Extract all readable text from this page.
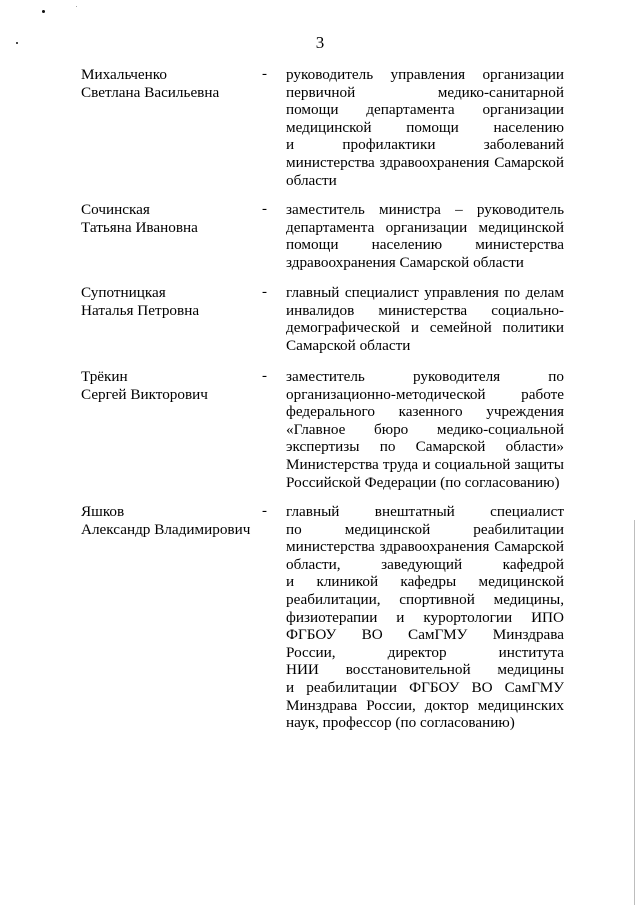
3
Михальченко
Светлана Васильевна
- руководитель управления организации
первичной медико-санитарной
помощи департамента организации
медицинской помощи населению
и профилактики заболеваний
министерства здравоохранения Самарской
области
Сочинская
Татьяна Ивановна
- заместитель министра – руководитель
департамента организации медицинской
помощи населению министерства
здравоохранения Самарской области
Супотницкая
Наталья Петровна
- главный специалист управления по делам
инвалидов министерства социально-
демографической и семейной политики
Самарской области
Трёкин
Сергей Викторович
- заместитель руководителя по
организационно-методической работе
федерального казенного учреждения
«Главное бюро медико-социальной
экспертизы по Самарской области»
Министерства труда и социальной защиты
Российской Федерации (по согласованию)
Яшков
Александр Владимирович
- главный внештатный специалист
по медицинской реабилитации
министерства здравоохранения Самарской
области, заведующий кафедрой
и клиникой кафедры медицинской
реабилитации, спортивной медицины,
физиотерапии и курортологии ИПО
ФГБОУ ВО СамГМУ Минздрава
России, директор института
НИИ восстановительной медицины
и реабилитации ФГБОУ ВО СамГМУ
Минздрава России, доктор медицинских
наук, профессор (по согласованию)
